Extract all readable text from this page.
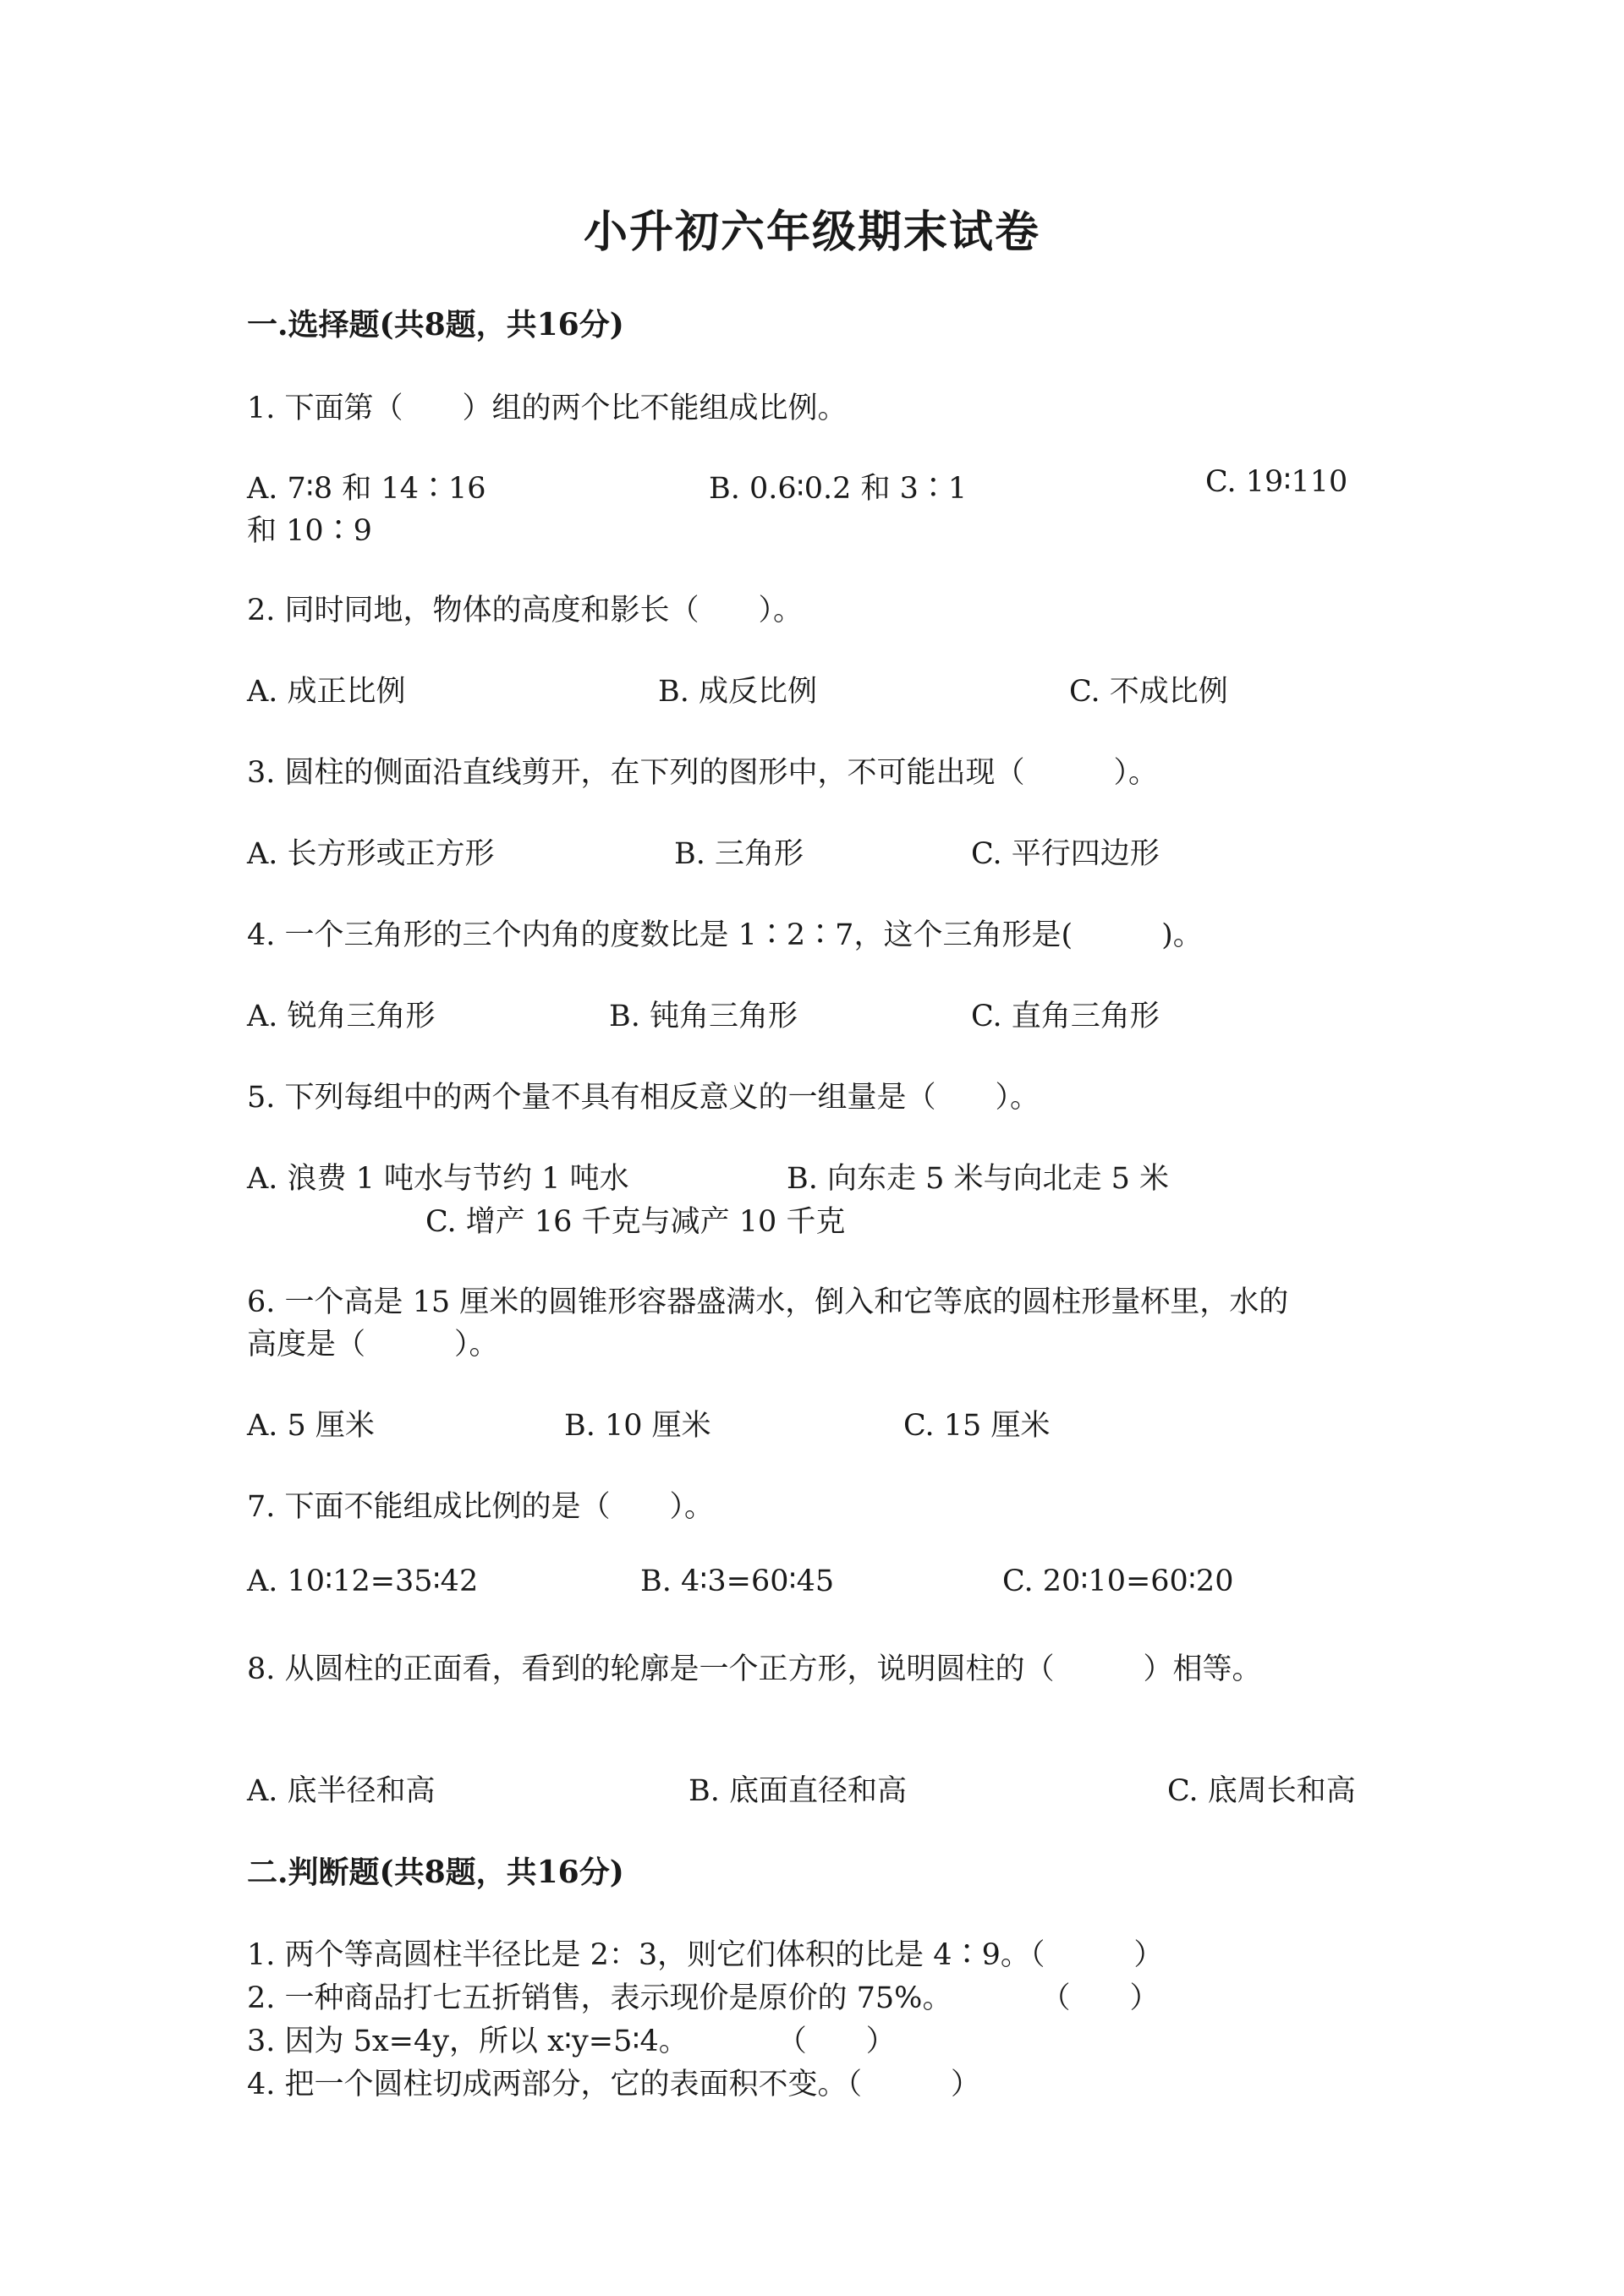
小升初六年级期末试卷
一.选择题(共8题，共16分)
1. 下面第（　　）组的两个比不能组成比例。
A. 7∶8 和 14∶16	B. 0.6∶0.2 和 3∶1	C. 19∶110
和 10∶9
2. 同时同地，物体的高度和影长（　　）。
A. 成正比例	B. 成反比例	C. 不成比例
3. 圆柱的侧面沿直线剪开，在下列的图形中，不可能出现（　　　）。
A. 长方形或正方形	B. 三角形	C. 平行四边形
4. 一个三角形的三个内角的度数比是 1∶2∶7，这个三角形是(　　　)。
A. 锐角三角形	B. 钝角三角形	C. 直角三角形
5. 下列每组中的两个量不具有相反意义的一组量是（　　）。
A. 浪费 1 吨水与节约 1 吨水	B. 向东走 5 米与向北走 5 米
C. 增产 16 千克与减产 10 千克
6. 一个高是 15 厘米的圆锥形容器盛满水，倒入和它等底的圆柱形量杯里，水的
高度是（　　　）。
A. 5 厘米	B. 10 厘米	C. 15 厘米
7. 下面不能组成比例的是（　　）。
A. 10∶12=35∶42	B. 4∶3=60∶45	C. 20∶10=60∶20
8. 从圆柱的正面看，看到的轮廓是一个正方形，说明圆柱的（　　　）相等。
A. 底半径和高	B. 底面直径和高	C. 底周长和高
二.判断题(共8题，共16分)
1. 两个等高圆柱半径比是 2：3，则它们体积的比是 4∶9。（　　　）
2. 一种商品打七五折销售，表示现价是原价的 75%。　　　　（　　）
3. 因为 5x=4y，所以 x∶y=5∶4。　　　　（　　）
4. 把一个圆柱切成两部分，它的表面积不变。（　　　）
